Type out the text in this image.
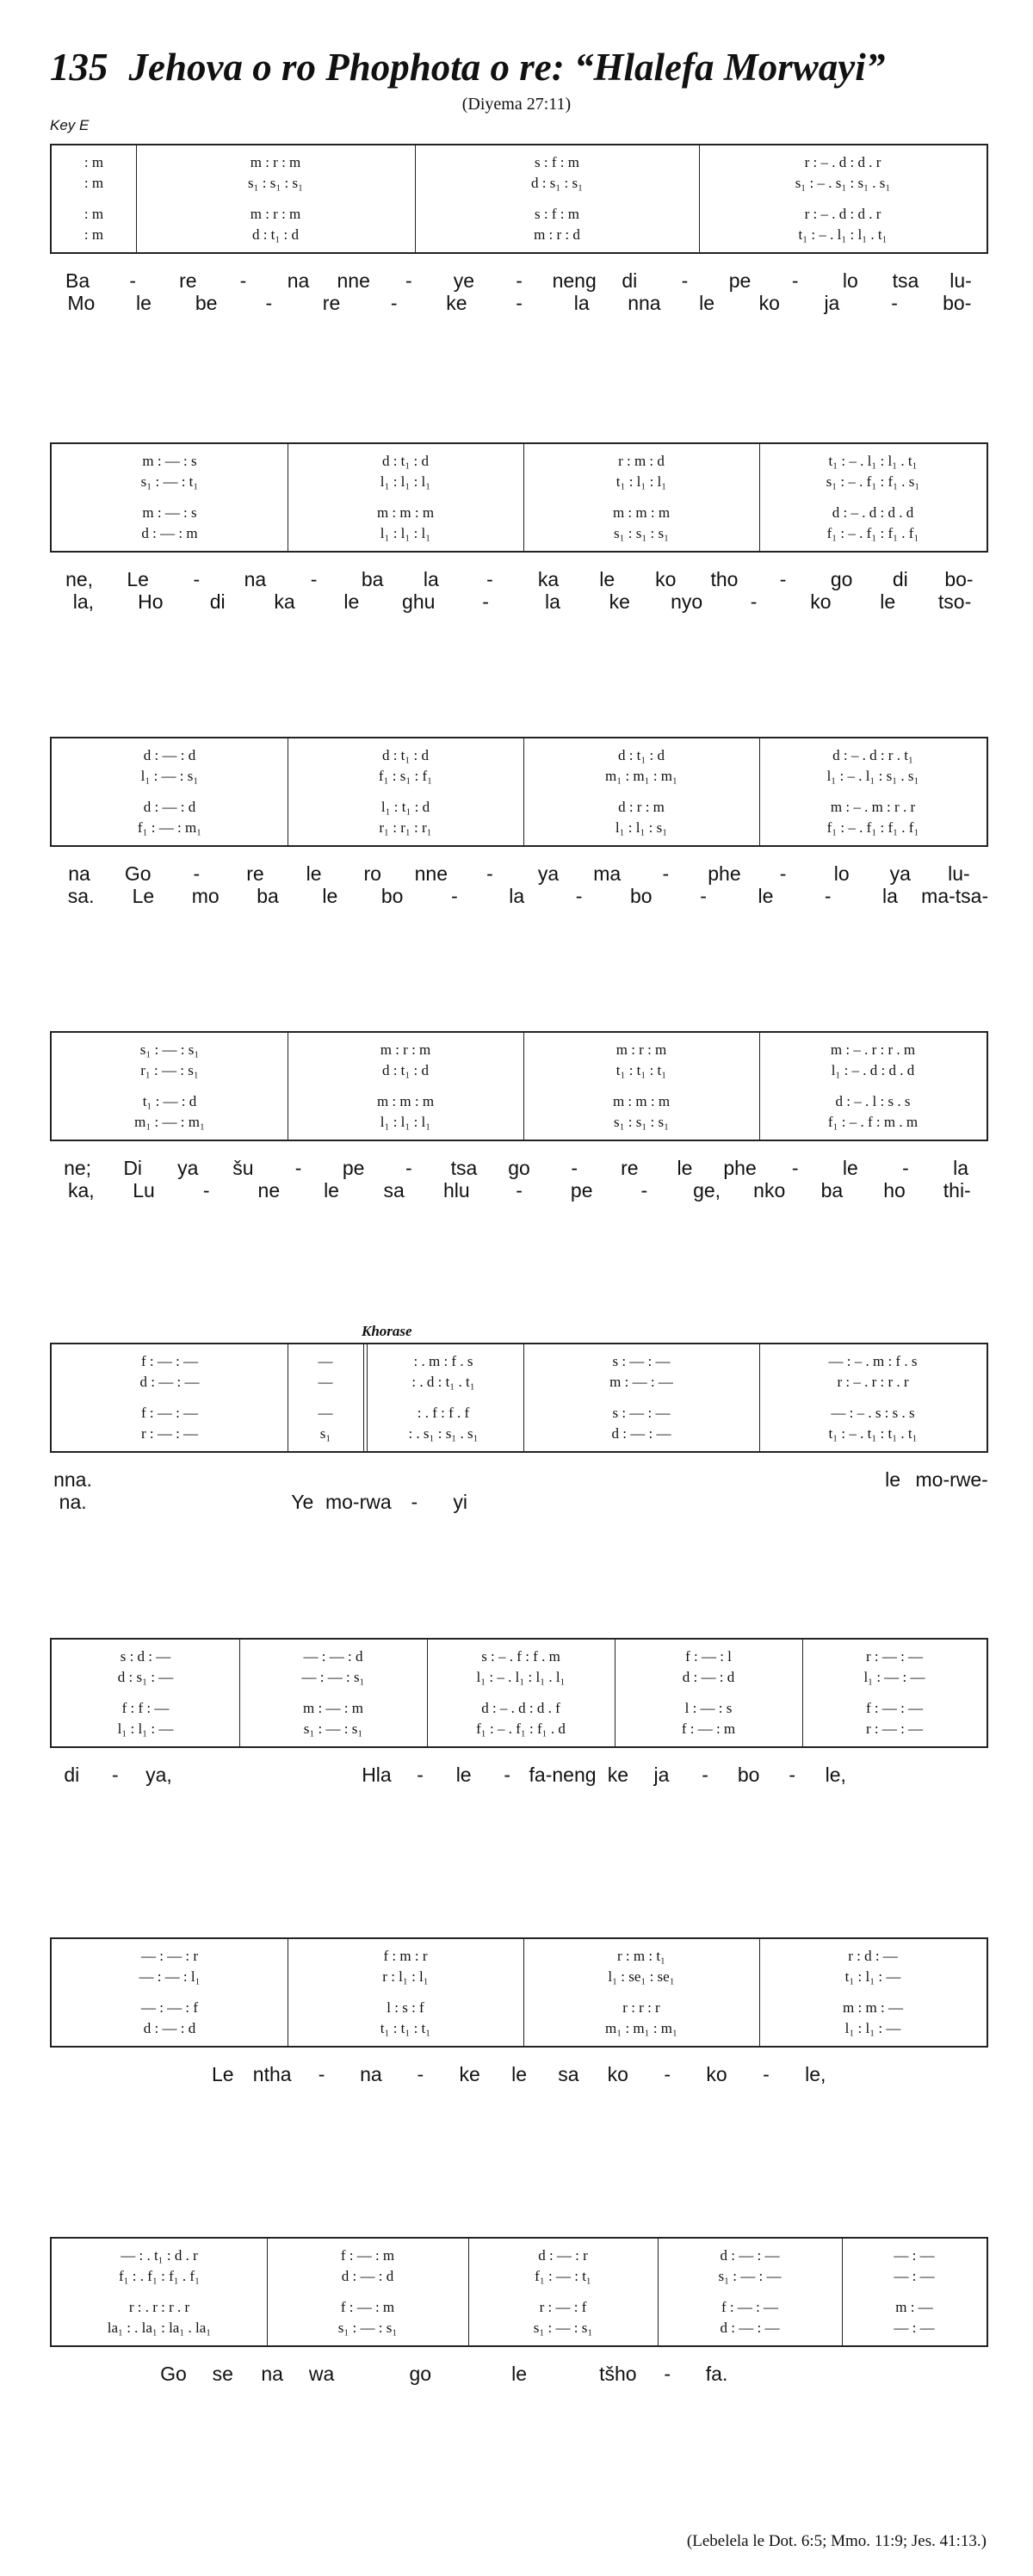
135 Jehova o ro Phophota o re: “Hlalefa Morwayi”
(Diyema 27:11)
Key E
Khorase
(Lebelela le Dot. 6:5; Mmo. 11:9; Jes. 41:13.)
: m	m : r : m	s : f : m	r : – . d : d . r
: m	s₁ : s₁ : s₁	d : s₁ : s₁	s₁ : – . s₁ : s₁ . s₁
: m	m : r : m	s : f : m	r : – . d : d . r
: m	d : t₁ : d	m : r : d	t₁ : – . l₁ : l₁ . t₁
Ba	-	re	-	na	nne	-	ye	-	neng	di	-	pe	-	lo	tsa	lu-
Mo	le	be	-	re	-	ke	-	la	nna	le	ko	ja	-	bo-
m : — : s	d : t₁ : d	r : m : d	t₁ : – . l₁ : l₁ . t₁
s₁ : — : t₁	l₁ : l₁ : l₁	t₁ : l₁ : l₁	s₁ : – . f₁ : f₁ . s₁
m : — : s	m : m : m	m : m : m	d : – . d : d . d
d : — : m	l₁ : l₁ : l₁	s₁ : s₁ : s₁	f₁ : – . f₁ : f₁ . f₁
ne,	Le	-	na	-	ba	la	-	ka	le	ko	tho	-	go	di	bo-
la,	Ho	di	ka	le	ghu	-	la	ke	nyo	-	ko	le	tso-
d : — : d	d : t₁ : d	d : t₁ : d	d : – . d : r . t₁
l₁ : — : s₁	f₁ : s₁ : f₁	m₁ : m₁ : m₁	l₁ : – . l₁ : s₁ . s₁
d : — : d	l₁ : t₁ : d	d : r : m	m : – . m : r . r
f₁ : — : m₁	r₁ : r₁ : r₁	l₁ : l₁ : s₁	f₁ : – . f₁ : f₁ . f₁
na	Go	-	re	le	ro	nne	-	ya	ma	-	phe	-	lo	ya	lu-
sa.	Le	mo	ba	le	bo	-	la	-	bo	-	le	-	la	ma-tsa-
s₁ : — : s₁	m : r : m	m : r : m	m : – . r : r . m
r₁ : — : s₁	d : t₁ : d	t₁ : t₁ : t₁	l₁ : – . d : d . d
t₁ : — : d	m : m : m	m : m : m	d : – . l : s . s
m₁ : — : m₁	l₁ : l₁ : l₁	s₁ : s₁ : s₁	f₁ : – . f : m . m
ne;	Di	ya	šu	-	pe	-	tsa	go	-	re	le	phe	-	le	-	la
ka,	Lu	-	ne	le	sa	hlu	-	pe	-	ge,	nko	ba	ho	thi-
f : — : —	—	: . m : f . s	s : — : —	— : – . m : f . s
d : — : —	—	: . d : t₁ . t₁	m : — : —	r : – . r : r . r
f : — : —	—	: . f : f . f	s : — : —	— : – . s : s . s
r : — : —	s₁	: . s₁ : s₁ . s₁	d : — : —	t₁ : – . t₁ : t₁ . t₁
nna.	le mo-rwe-
na.	Ye mo-rwa -	yi
s : d : —	— : — : d	s : – . f : f . m	f : — : l	r : — : —
d : s₁ : —	— : — : s₁	l₁ : – . l₁ : l₁ . l₁	d : — : d	l₁ : — : —
f : f : —	m : — : m	d : – . d : d . f	l : — : s	f : — : —
l₁ : l₁ : —	s₁ : — : s₁	f₁ : – . f₁ : f₁ . d	f : — : m	r : — : —
di	-	ya,	Hla	-	le	- fa-neng ke	ja	-	bo	-	le,
— : — : r	f : m : r	r : m : t₁	r : d : —
— : — : l₁	r : l₁ : l₁	l₁ : se₁ : se₁	t₁ : l₁ : —
— : — : f	l : s : f	r : r : r	m : m : —
d : — : d	t₁ : t₁ : t₁	m₁ : m₁ : m₁	l₁ : l₁ : —
Le ntha	-	na	-	ke	le	sa	ko	-	ko	-	le,
— : . t₁ : d . r	f : — : m	d : — : r	d : — : —	— : —
f₁ : . f₁ : f₁ . f₁	d : — : d	f₁ : — : t₁	s₁ : — : —	— : —
r : . r : r . r	f : — : m	r : — : f	f : — : —	m : —
la₁ : . la₁ : la₁ . la₁	s₁ : — : s₁	s₁ : — : s₁	d : — : —	— : —
Go	se	na	wa	go	le	tšho	-	fa.
